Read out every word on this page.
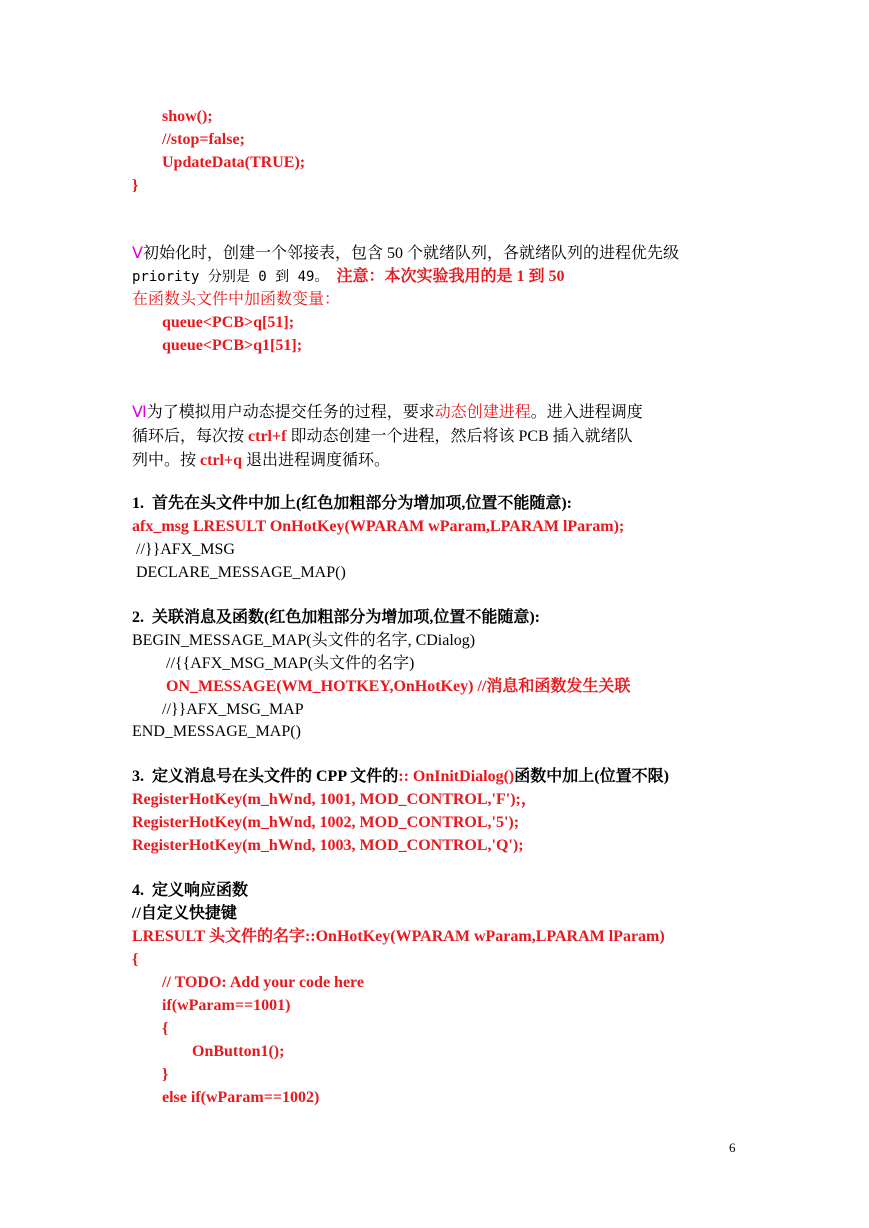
show();
//stop=false;
UpdateData(TRUE);
}
Ⅴ初始化时，创建一个邻接表，包含 50 个就绪队列，各就绪队列的进程优先级
priority 分别是 0 到 49。 注意：本次实验我用的是 1 到 50
在函数头文件中加函数变量：
queue<PCB>q[51];
queue<PCB>q1[51];
Ⅵ为了模拟用户动态提交任务的过程，要求动态创建进程。进入进程调度
循环后，每次按 ctrl+f 即动态创建一个进程，然后将该 PCB 插入就绪队
列中。按 ctrl+q 退出进程调度循环。
1.  首先在头文件中加上(红色加粗部分为增加项,位置不能随意):
afx_msg LRESULT OnHotKey(WPARAM wParam,LPARAM lParam);
//}}AFX_MSG
DECLARE_MESSAGE_MAP()
2.  关联消息及函数(红色加粗部分为增加项,位置不能随意):
BEGIN_MESSAGE_MAP(头文件的名字, CDialog)
//{{AFX_MSG_MAP(头文件的名字)
ON_MESSAGE(WM_HOTKEY,OnHotKey) //消息和函数发生关联
//}}AFX_MSG_MAP
END_MESSAGE_MAP()
3.  定义消息号在头文件的 CPP 文件的:: OnInitDialog()函数中加上(位置不限)
RegisterHotKey(m_hWnd, 1001, MOD_CONTROL,'F');，
RegisterHotKey(m_hWnd, 1002, MOD_CONTROL,'5');
RegisterHotKey(m_hWnd, 1003, MOD_CONTROL,'Q');
4.  定义响应函数
//自定义快捷键
LRESULT 头文件的名字::OnHotKey(WPARAM wParam,LPARAM lParam)
{
// TODO: Add your code here
if(wParam==1001)
{
OnButton1();
}
else if(wParam==1002)
6
